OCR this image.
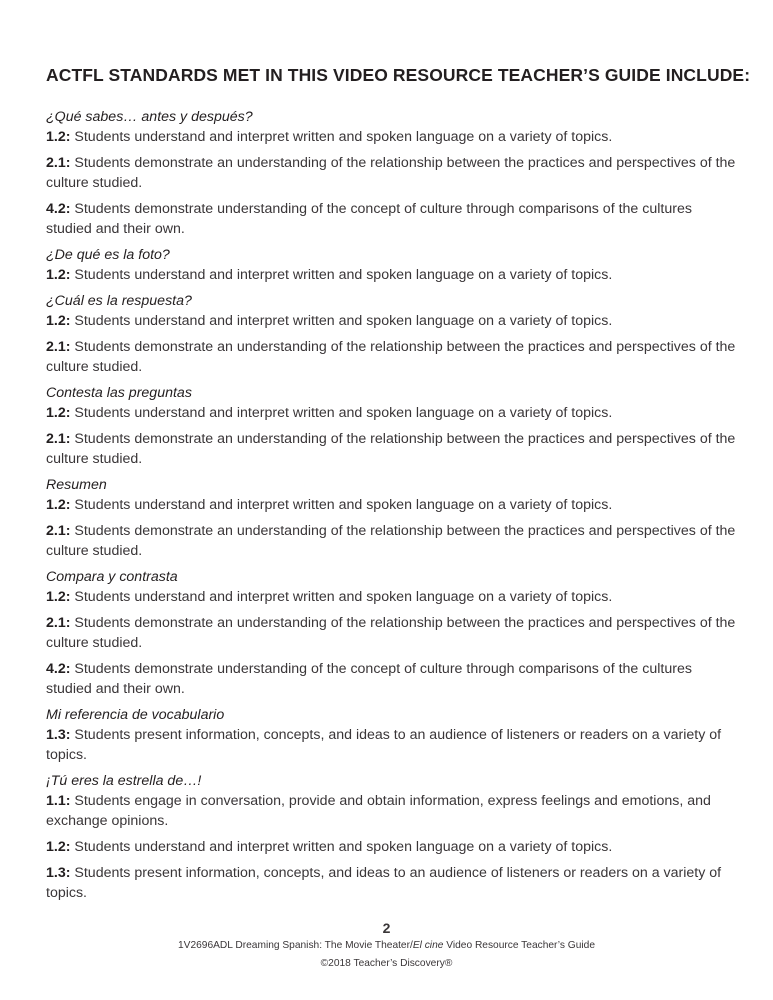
ACTFL STANDARDS MET IN THIS VIDEO RESOURCE TEACHER’S GUIDE INCLUDE:
¿Qué sabes… antes y después?
1.2: Students understand and interpret written and spoken language on a variety of topics.
2.1: Students demonstrate an understanding of the relationship between the practices and perspectives of the culture studied.
4.2: Students demonstrate understanding of the concept of culture through comparisons of the cultures studied and their own.
¿De qué es la foto?
1.2: Students understand and interpret written and spoken language on a variety of topics.
¿Cuál es la respuesta?
1.2: Students understand and interpret written and spoken language on a variety of topics.
2.1: Students demonstrate an understanding of the relationship between the practices and perspectives of the culture studied.
Contesta las preguntas
1.2: Students understand and interpret written and spoken language on a variety of topics.
2.1: Students demonstrate an understanding of the relationship between the practices and perspectives of the culture studied.
Resumen
1.2: Students understand and interpret written and spoken language on a variety of topics.
2.1: Students demonstrate an understanding of the relationship between the practices and perspectives of the culture studied.
Compara y contrasta
1.2: Students understand and interpret written and spoken language on a variety of topics.
2.1: Students demonstrate an understanding of the relationship between the practices and perspectives of the culture studied.
4.2: Students demonstrate understanding of the concept of culture through comparisons of the cultures studied and their own.
Mi referencia de vocabulario
1.3: Students present information, concepts, and ideas to an audience of listeners or readers on a variety of topics.
¡Tú eres la estrella de…!
1.1: Students engage in conversation, provide and obtain information, express feelings and emotions, and exchange opinions.
1.2: Students understand and interpret written and spoken language on a variety of topics.
1.3: Students present information, concepts, and ideas to an audience of listeners or readers on a variety of topics.
2
1V2696ADL Dreaming Spanish: The Movie Theater/El cine Video Resource Teacher’s Guide
©2018 Teacher’s Discovery®
